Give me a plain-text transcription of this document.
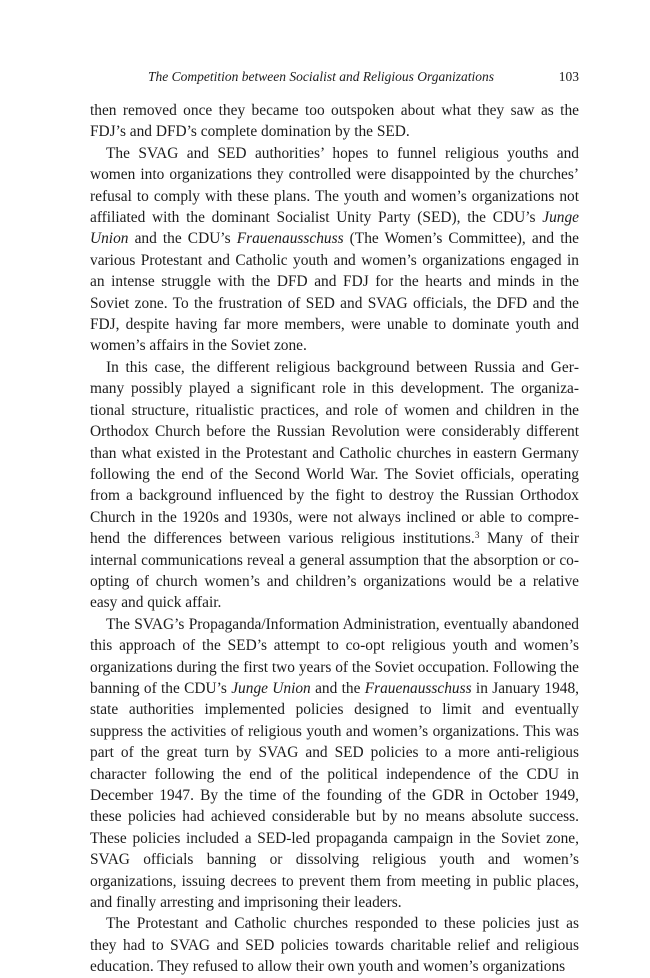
The Competition between Socialist and Religious Organizations	103

then removed once they became too outspoken about what they saw as the FDJ’s and DFD’s complete domination by the SED.

The SVAG and SED authorities’ hopes to funnel religious youths and women into organizations they controlled were disappointed by the churches’ refusal to comply with these plans. The youth and women’s organizations not affiliated with the dominant Socialist Unity Party (SED), the CDU’s Junge Union and the CDU’s Frauenausschuss (The Women’s Committee), and the various Protestant and Catholic youth and women’s organizations engaged in an intense struggle with the DFD and FDJ for the hearts and minds in the Soviet zone. To the frustration of SED and SVAG officials, the DFD and the FDJ, despite having far more members, were unable to dominate youth and women’s affairs in the Soviet zone.

In this case, the different religious background between Russia and Germany possibly played a significant role in this development. The organizational structure, ritualistic practices, and role of women and children in the Orthodox Church before the Russian Revolution were considerably different than what existed in the Protestant and Catholic churches in eastern Germany following the end of the Second World War. The Soviet officials, operating from a background influenced by the fight to destroy the Russian Orthodox Church in the 1920s and 1930s, were not always inclined or able to comprehend the differences between various religious institutions.$^3$ Many of their internal communications reveal a general assumption that the absorption or co-opting of church women’s and children’s organizations would be a relative easy and quick affair.

The SVAG’s Propaganda/Information Administration, eventually abandoned this approach of the SED’s attempt to co-opt religious youth and women’s organizations during the first two years of the Soviet occupation. Following the banning of the CDU’s Junge Union and the Frauenausschuss in January 1948, state authorities implemented policies designed to limit and eventually suppress the activities of religious youth and women’s organizations. This was part of the great turn by SVAG and SED policies to a more anti-religious character following the end of the political independence of the CDU in December 1947. By the time of the founding of the GDR in October 1949, these policies had achieved considerable but by no means absolute success. These policies included a SED-led propaganda campaign in the Soviet zone, SVAG officials banning or dissolving religious youth and women’s organizations, issuing decrees to prevent them from meeting in public places, and finally arresting and imprisoning their leaders.

The Protestant and Catholic churches responded to these policies just as they had to SVAG and SED policies towards charitable relief and religious education. They refused to allow their own youth and women’s organizations
